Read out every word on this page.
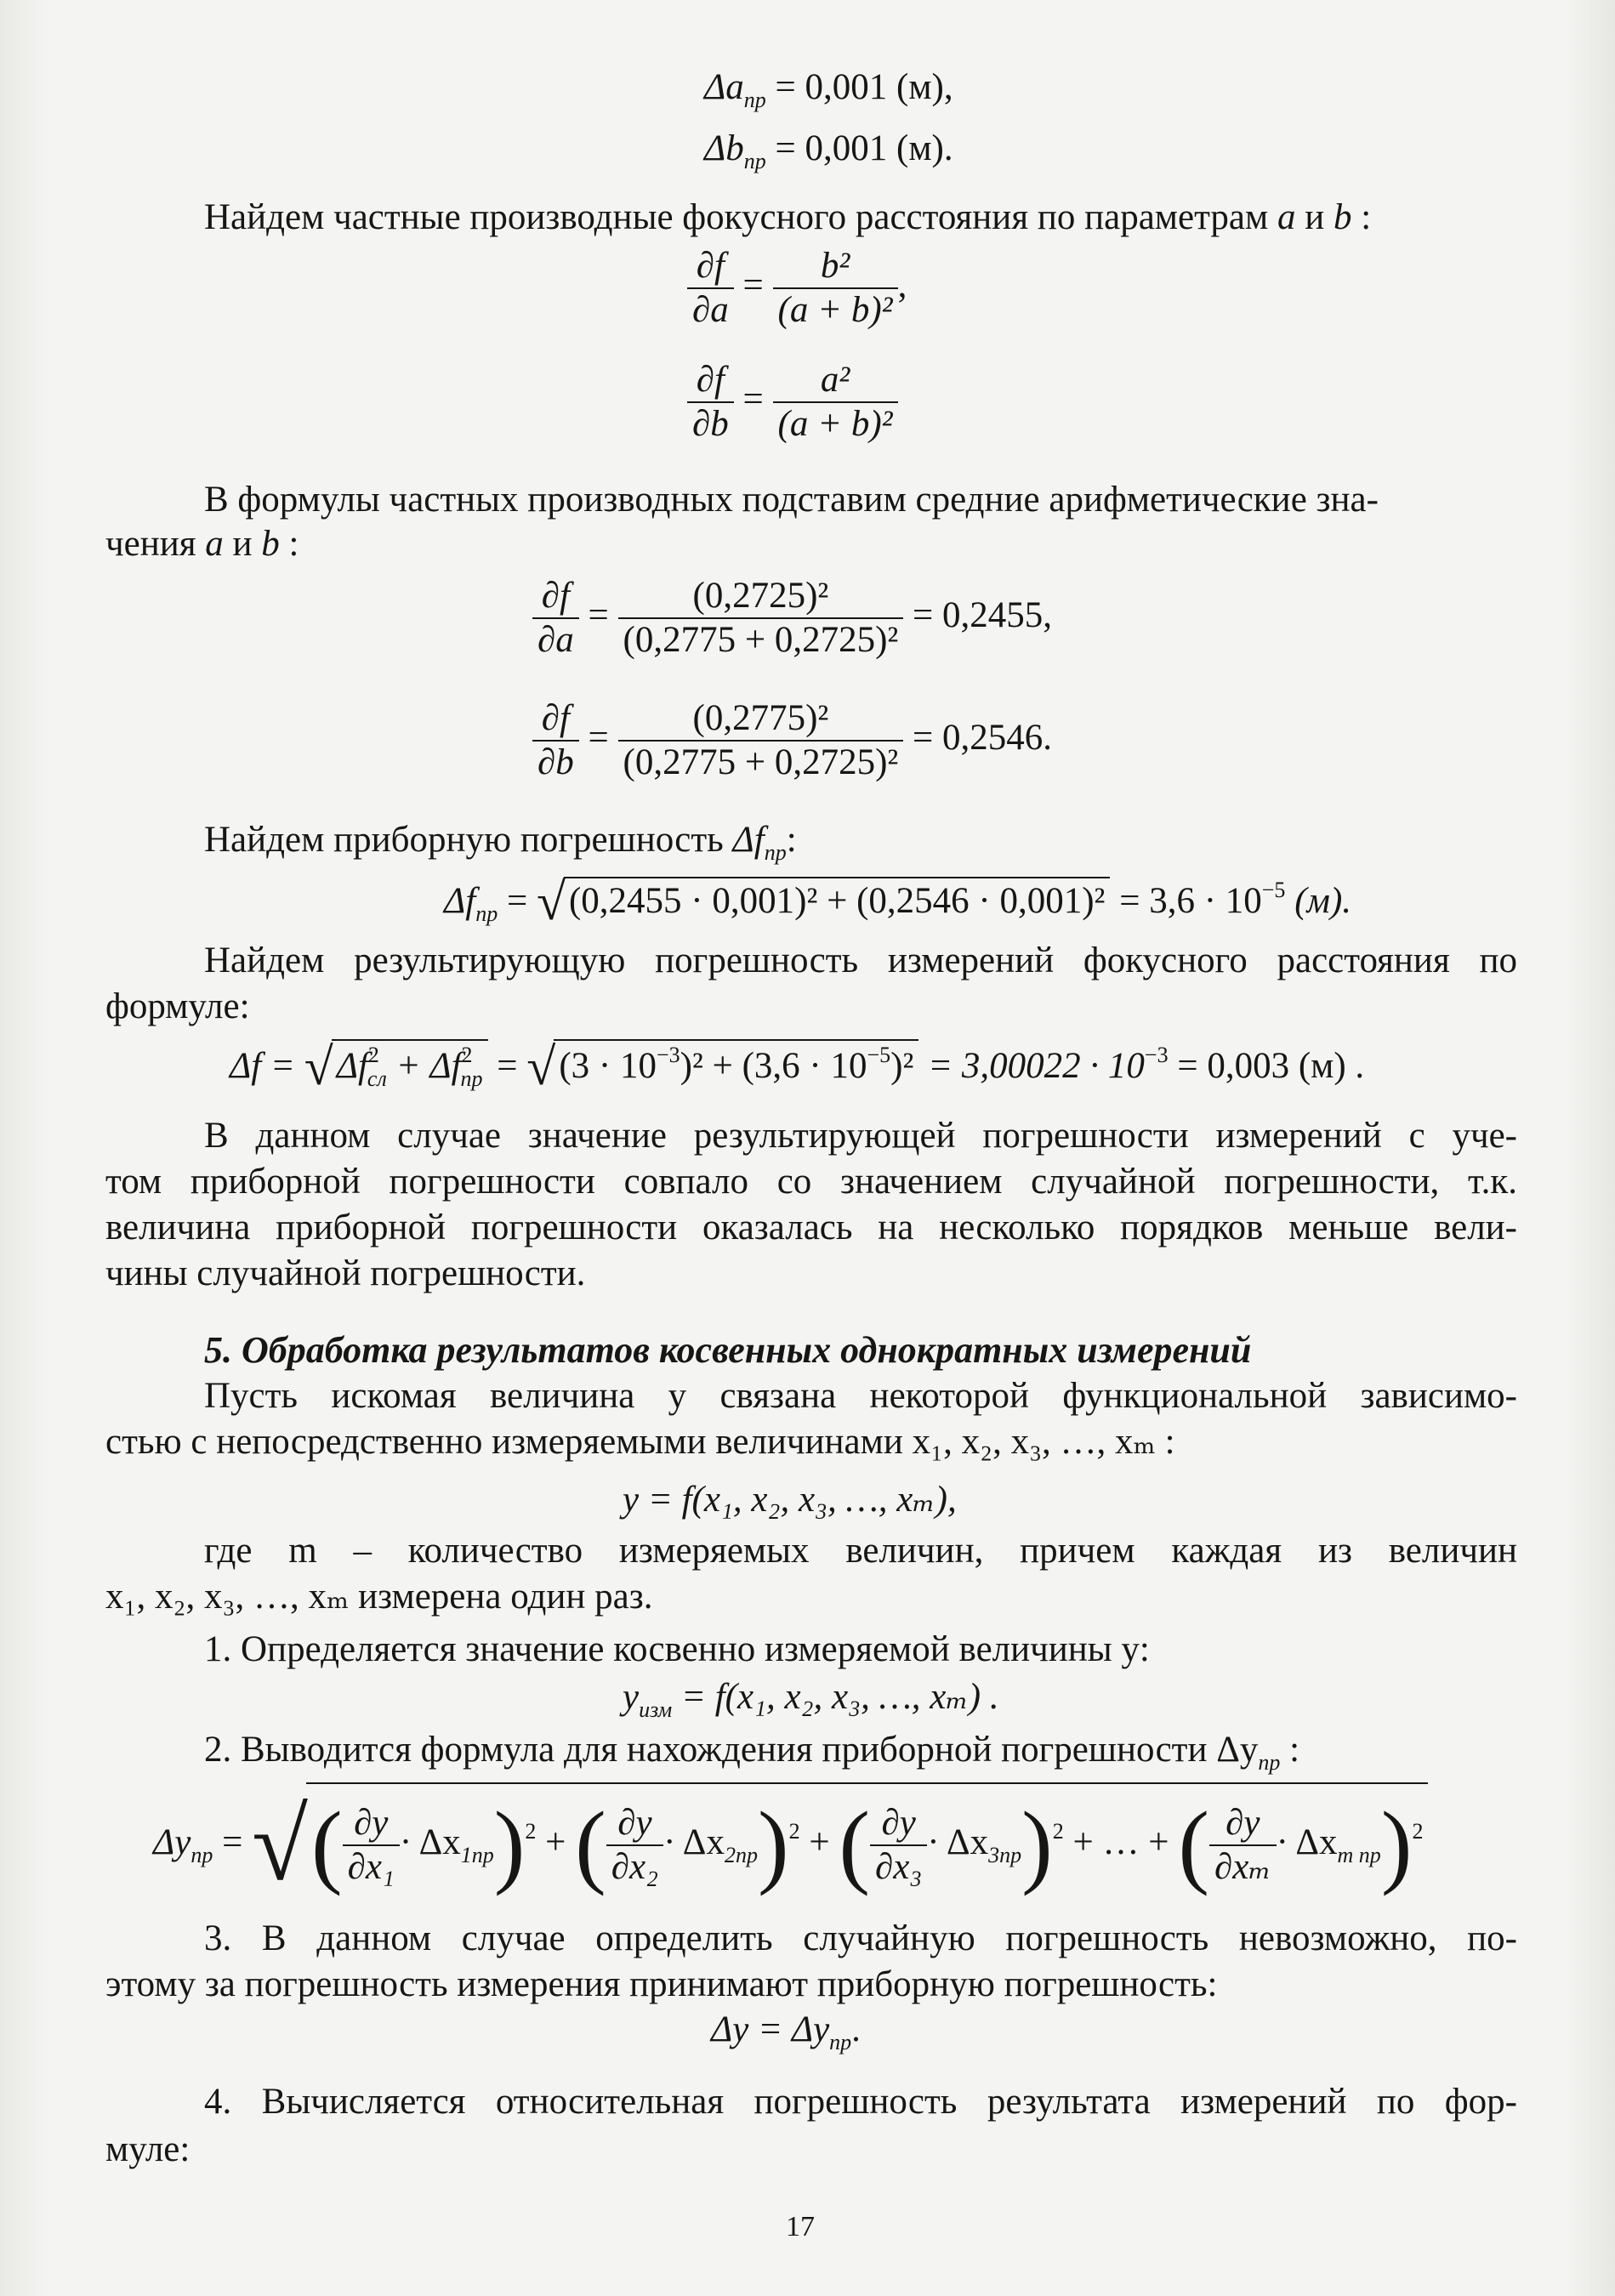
$\Delta a_{пр} = 0,001$ (м),
$\Delta b_{пр} = 0,001$ (м).
Найдем частные производные фокусного расстояния по параметрам a и b :
$\frac{\partial f}{\partial a} = \frac{\text{b²}}{\text{(a + b)²}}$ ,
$\frac{\partial f}{\partial b} = \frac{\text{a²}}{\text{(a + b)²}}$
В формулы частных производных подставим средние арифметические зна-
чения a и b :
$\frac{\partial f}{\partial a} = \frac{\text{(0,2725)²}}{\text{(0,2775 + 0,2725)²}} = 0,2455$,
$\frac{\partial f}{\partial b} = \frac{\text{(0,2775)²}}{\text{(0,2775 + 0,2725)²}} = 0,2546$.
Найдем приборную погрешность $\Delta f_{пр}$:
$\Delta f_{пр} = √(0,2455 \cdot 0,001)^2 + (0,2546 \cdot 0,001)^2 = 3,6 \cdot 10^{-5}$ (м).
Найдем результирующую погрешность измерений фокусного расстояния по
формуле:
$\Delta f = √\Delta f^2_{сл} + \Delta f^2_{пр} = √(3 \cdot 10^{-3})^2 + (3,6 \cdot 10^{-5})^2 = 3,00022 \cdot 10^{-3} = 0,003$ (м) .
В данном случае значение результирующей погрешности измерений с уче-
том приборной погрешности совпало со значением случайной погрешности, т.к.
величина приборной погрешности оказалась на несколько порядков меньше вели-
чины случайной погрешности.
5. Обработка результатов косвенных однократных измерений
Пусть искомая величина y связана некоторой функциональной зависимо-
стью с непосредственно измеряемыми величинами x₁, x₂, x₃, …, xₘ :
y = f(x₁, x₂, x₃, …, xₘ),
где m – количество измеряемых величин, причем каждая из величин
x₁, x₂, x₃, …, xₘ измерена один раз.
1. Определяется значение косвенно измеряемой величины y:
$y_{изм} = f(x_1$, x₂, x₃, …, xₘ) .
2. Выводится формула для нахождения приборной погрешности $\Delta y_{пр}$ :
$\Delta y_{пр}$ = √( $\frac{\partial y}{\text{∂x₁}} \cdot \Delta x_{1пр})^2$ + ( $\frac{\partial y}{\text{∂x₂}} \cdot \Delta x_{2пр})^2$ + ( $\frac{\partial y}{\text{∂x₃}} \cdot \Delta x_{3пр})^2$ + … + ( $\frac{\partial y}{\text{∂xₘ}} \cdot \Delta x_{m пр})^2$
3. В данном случае определить случайную погрешность невозможно, по-
этому за погрешность измерения принимают приборную погрешность:
$\Delta y = \Delta y_{пр}$.
4. Вычисляется относительная погрешность результата измерений по фор-
муле:
17
